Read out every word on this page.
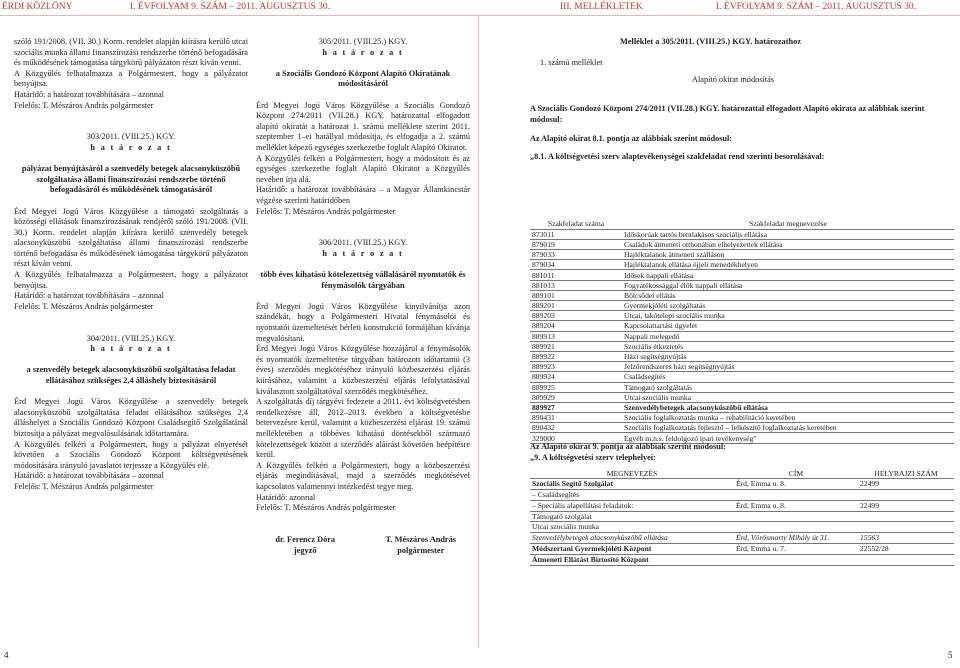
ÉRDI KÖZLÖNY	I. ÉVFOLYAM 9. SZÁM – 2011. AUGUSZTUS 30.	III. MELLÉKLETEK	I. ÉVFOLYAM 9. SZÁM – 2011. AUGUSZTUS 30.

szóló 191/2008. (VII. 30.) Korm. rendelet alapján kiírásra kerülő utcai szociális munka állami finanszírozási rendszerbe történő befogadására és működésének támogatása tárgykörű pályázaton részt kíván venni.

A Közgyűlés felhatalmazza a Polgármestert, hogy a pályázatot benyújtsa.

Határidő: a határozat továbbítására – azonnal

Felelős: T. Mészáros András polgármester

303/2011. (VIII.25.) KGY.

h a t á r o z a t

pályázat benyújtásáról a szenvedély betegek alacsonyküszöbű szolgáltatása állami finanszírozási rendszerbe történő befogadásáról és működésének támogatásáról

Érd Megyei Jogú Város Közgyűlése a támogató szolgáltatás a közösségi ellátások finanszírozásának rendjéről szóló 191/2008. (VII. 30.) Korm. rendelet alapján kiírásra kerülő szenvedély betegek alacsonyküszöbű szolgáltatása állami finanszírozási rendszerbe történő befogadása és működésének támogatása tárgykörű pályázaton részt kíván venni.

A Közgyűlés felhatalmazza a Polgármestert, hogy a pályázatot benyújtsa.

Határidő: a határozat továbbítására – azonnal

Felelős: T. Mészáros András polgármester

304/2011. (VIII.25.) KGY.

h a t á r o z a t

a szenvedély betegek alacsonyküszöbű szolgáltatása feladat ellátásához szükséges 2,4 álláshely biztosításáról

Érd Megyei Jogú Város Közgyűlése a szenvedély betegek alacsonyküszöbű szolgáltatása feladat ellátásához szükséges 2,4 álláshelyet a Szociális Gondozó Központ Családsegítő Szolgálatánál biztosítja a pályázat megvalósulásának időtartamára.

A Közgyűlés felkéri a Polgármestert, hogy a pályázat elnyerését követően a Szociális Gondozó Központ költségvetésének módosítására irányuló javaslatot terjessze a Közgyűlés elé.

Határidő: a határozat továbbítására – azonnal

Felelős: T. Mészáros András polgármester

305/2011. (VIII.25.) KGY.

h a t á r o z a t

a Szociális Gondozó Központ Alapító Okiratának módosításáról

Érd Megyei Jogú Város Közgyűlése a Szociális Gondozó Központ 274/2011 (VII.28.) KGY. határozattal elfogadott alapító okiratát a határozat 1. számú melléklete szerint 2011. szeptember 1–ei hatállyal módosítja, és elfogadja a 2. számú melléklet képező egységes szerkezetbe foglalt Alapító Okiratot.

A Közgyűlés felkéri a Polgármestert, hogy a módosított és az egységes szerkezetbe foglalt Alapító Okiratot a Közgyűlés nevében írja alá.

Határidő: a határozat továbbítására – a Magyar Államkincstár végzése szerinti határidőben

Felelős: T. Mészáros András polgármester

306/2011. (VIII.25.) KGY.

h a t á r o z a t

több éves kihatású kötelezettség vállalásáról nyomtatók és fénymásolók tárgyában

Érd Megyei Jogú Város Közgyűlése kinyilvánítja azon szándékát, hogy a Polgármesteri Hivatal fénymásolói és nyomtatói üzemeltetését bérleti konstrukció formájában kívánja megvalósítani.

Érd Megyei Jogú Város Közgyűlése hozzájárul a fénymásolók és nyomtatók üzemeltetése tárgyában határozott időtartamú (3 éves) szerződés megkötéséhez irányuló közbeszerzési eljárás kiírásához, valamint a közbeszerzési eljárás lefolytatásával kiválasztott szolgáltatóval szerződés megkötéséhez.

A szolgáltatás díj tárgyévi fedezete a 2011. évi költségvetésben rendelkezésre áll, 2012–2013. években a költségvetésbe betervezésre kerül, valamint a közbeszerzési eljárást 19. számú mellékletében a többéves kihatású döntésekből származó kötelezettségek között a szerződés aláírást követően beépítésre kerül.

A Közgyűlés felkéri a Polgármestert, hogy a közbeszerzési eljárás megindításával, majd a szerződés megkötésével kapcsolatos valamennyi intézkedést tegye meg.

Határidő: azonnal

Felelős: T. Mészáros András polgármester

dr. Ferencz Dóra

jegyző

T. Mészáros András

polgármester

Melléklet a 305/2011. (VIII.25.) KGY. határozathoz
1. számú melléklet
Alapító okirat módosítás

A Szociális Gondozó Központ 274/2011 (VII.28.) KGY. határozattal elfogadott Alapító okirata az alábbiak szerint módosul:

Az Alapító okirat 8.1. pontja az alábbiak szerint módosul:

„8.1. A költségvetési szerv alaptevékenységei szakfeladat rend szerinti besorolásával:

Szakfeladat száma	Szakfeladat megnevezése
873011	Időskorúak tartós bentlakásos szociális ellátása
879019	Családok átmeneti otthonában elhelyezettek ellátása
879033	Hajléktalanok átmeneti szálláson
879034	Hajléktalanok ellátása éjjeli menedékhelyen
881011	Idősek nappali ellátása
881013	Fogyatékossággal élők nappali ellátása
889101	Bölcsődei ellátás
889201	Gyermekjóléti szolgáltatás
889203	Utcai, lakótelepi szociális munka
889204	Kapcsolattartási ügyelet
889913	Nappali melegedő
889921	Szociális étkeztetés
889922	Házi segítségnyújtás
889923	Jelzőrendszeres házi segítségnyújtás
889924	Családsegítés
889925	Támogató szolgáltatás
889929	Utcai szociális munka
889927	Szenvedélybetegek alacsonyküszöbű ellátása
890431	Szociális foglalkoztatás munka – rehabilitáció keretében
890432	Szociális foglalkoztatás fejlesztő – felkészítő foglalkoztatás keretében
329000	Egyéb m.n.s. feldolgozó ipari tevékenység”

Az Alapító okirat 9. pontja az alábbiak szerint módosul:

„9. A költségvetési szerv telephelyei:

MEGNEVEZÉS	CÍM	HELYRAJZI SZÁM
Szociális Segítő Szolgálat	Érd, Emma u. 8.	22499
– Családsegítés		
– Speciális alapellátási feladatok:	Érd, Emma u. 8.	22499
Támogató szolgálat		
Utcai szociális munka		
Szenvedélybetegek alacsonyküszöbű ellátása	Érd, Vörösmarty Mihály út 31.	15563
Módszertani Gyermekjóléti Központ	Érd, Emma u. 7.	22552/28
Átmeneti Ellátást Biztosító Központ		
4	5
